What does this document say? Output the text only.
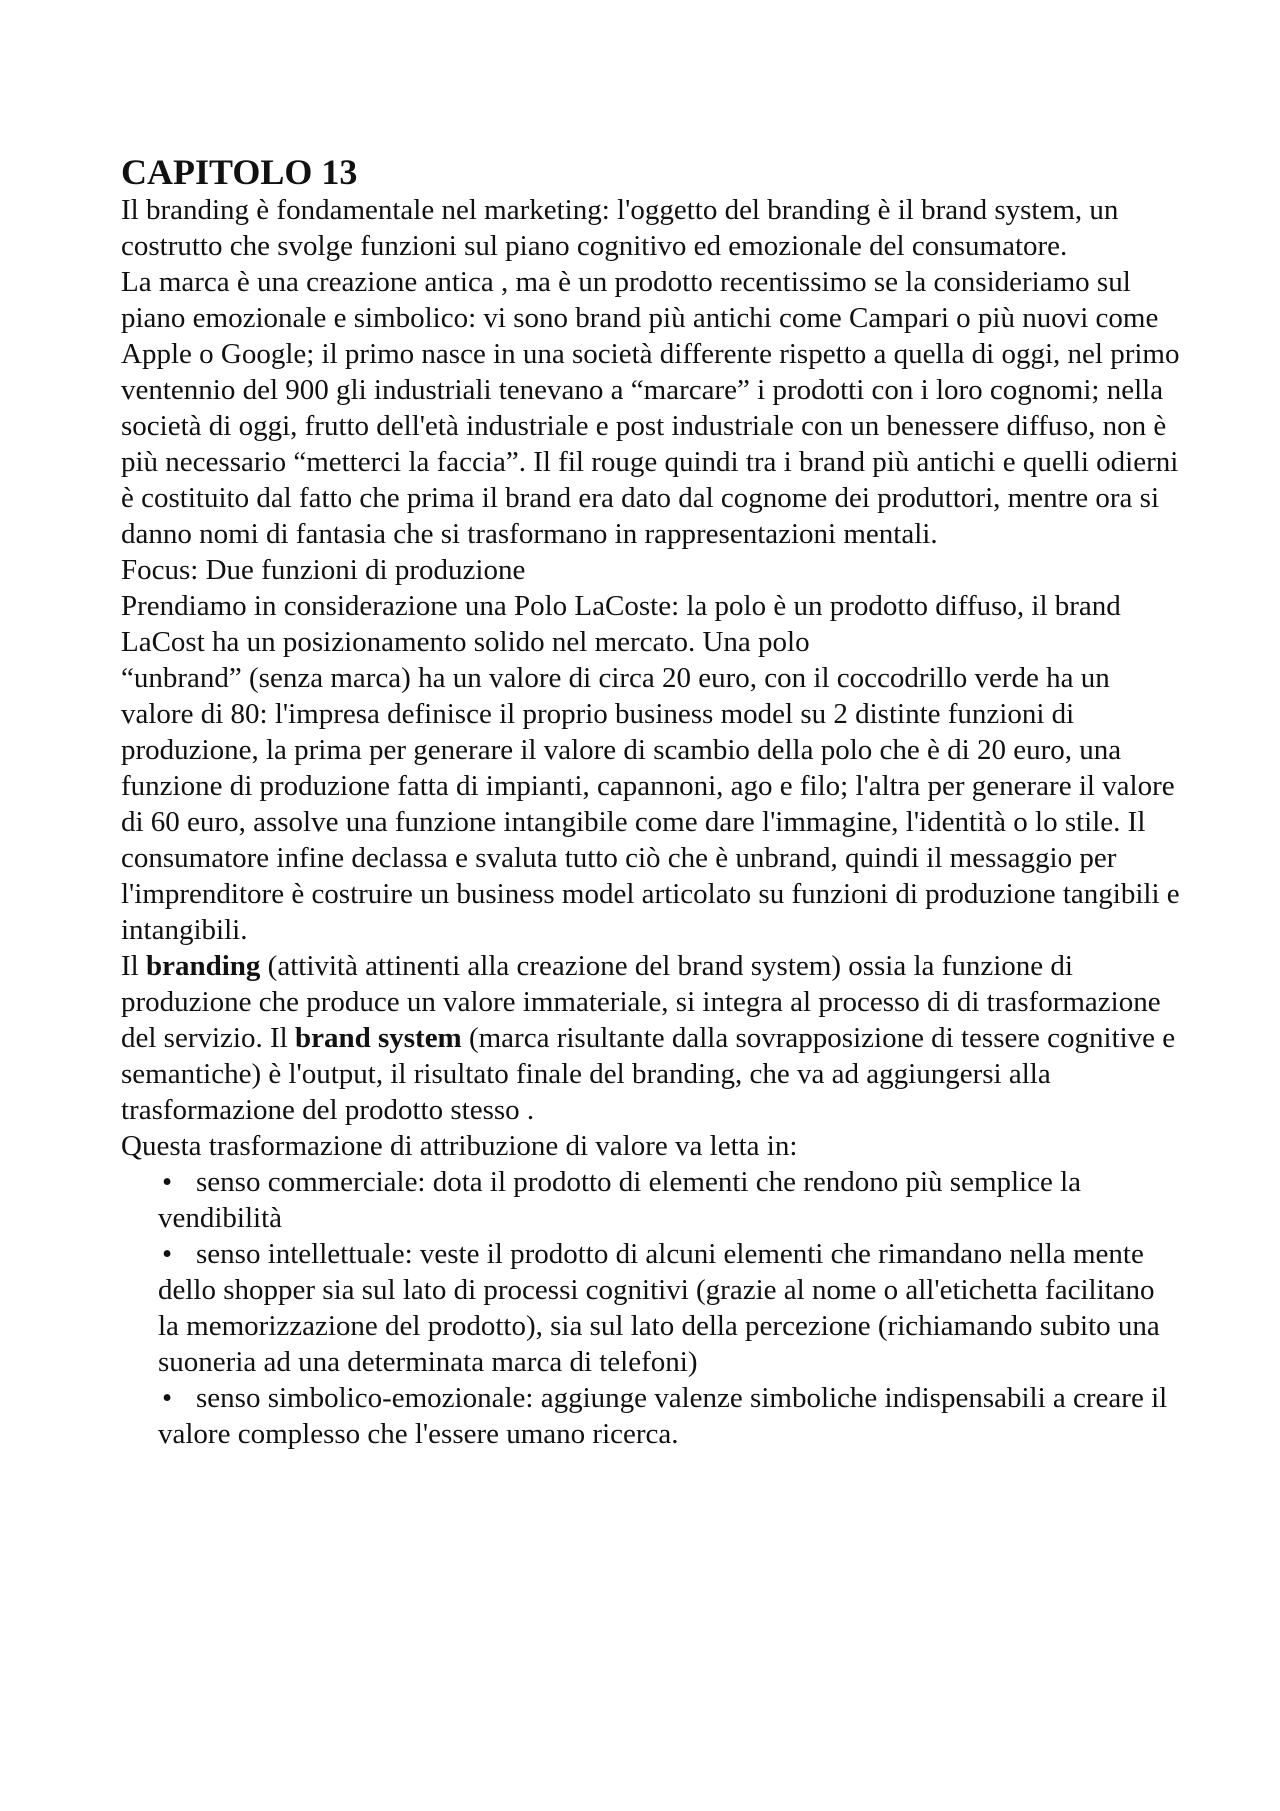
CAPITOLO 13

Il branding è fondamentale nel marketing: l'oggetto del branding è il brand system, un costrutto che svolge funzioni sul piano cognitivo ed emozionale del consumatore.

La marca è una creazione antica , ma è un prodotto recentissimo se la consideriamo sul piano emozionale e simbolico: vi sono brand più antichi come Campari o più nuovi come Apple o Google; il primo nasce in una società differente rispetto a quella di oggi, nel primo ventennio del 900 gli industriali tenevano a “marcare” i prodotti con i loro cognomi; nella società di oggi, frutto dell'età industriale e post industriale con un benessere diffuso, non è più necessario “metterci la faccia”. Il fil rouge quindi tra i brand più antichi e quelli odierni è costituito dal fatto che prima il brand era dato dal cognome dei produttori, mentre ora si danno nomi di fantasia che si trasformano in rappresentazioni mentali.

Focus: Due funzioni di produzione

Prendiamo in considerazione una Polo LaCoste: la polo è un prodotto diffuso, il brand LaCost ha un posizionamento solido nel mercato. Una polo
“unbrand” (senza marca) ha un valore di circa 20 euro, con il coccodrillo verde ha un valore di 80: l'impresa definisce il proprio business model su 2 distinte funzioni di produzione, la prima per generare il valore di scambio della polo che è di 20 euro, una funzione di produzione fatta di impianti, capannoni, ago e filo; l'altra per generare il valore di 60 euro, assolve una funzione intangibile come dare l'immagine, l'identità o lo stile. Il consumatore infine declassa e svaluta tutto ciò che è unbrand, quindi il messaggio per l'imprenditore è costruire un business model articolato su funzioni di produzione tangibili e intangibili.

Il branding (attività attinenti alla creazione del brand system) ossia la funzione di produzione che produce un valore immateriale, si integra al processo di di trasformazione del servizio. Il brand system (marca risultante dalla sovrapposizione di tessere cognitive e semantiche) è l'output, il risultato finale del branding, che va ad aggiungersi alla trasformazione del prodotto stesso .

Questa trasformazione di attribuzione di valore va letta in:

• senso commerciale: dota il prodotto di elementi che rendono più semplice la vendibilità
• senso intellettuale: veste il prodotto di alcuni elementi che rimandano nella mente dello shopper sia sul lato di processi cognitivi (grazie al nome o all'etichetta facilitano la memorizzazione del prodotto), sia sul lato della percezione (richiamando subito una suoneria ad una determinata marca di telefoni)
• senso simbolico-emozionale: aggiunge valenze simboliche indispensabili a creare il valore complesso che l'essere umano ricerca.
